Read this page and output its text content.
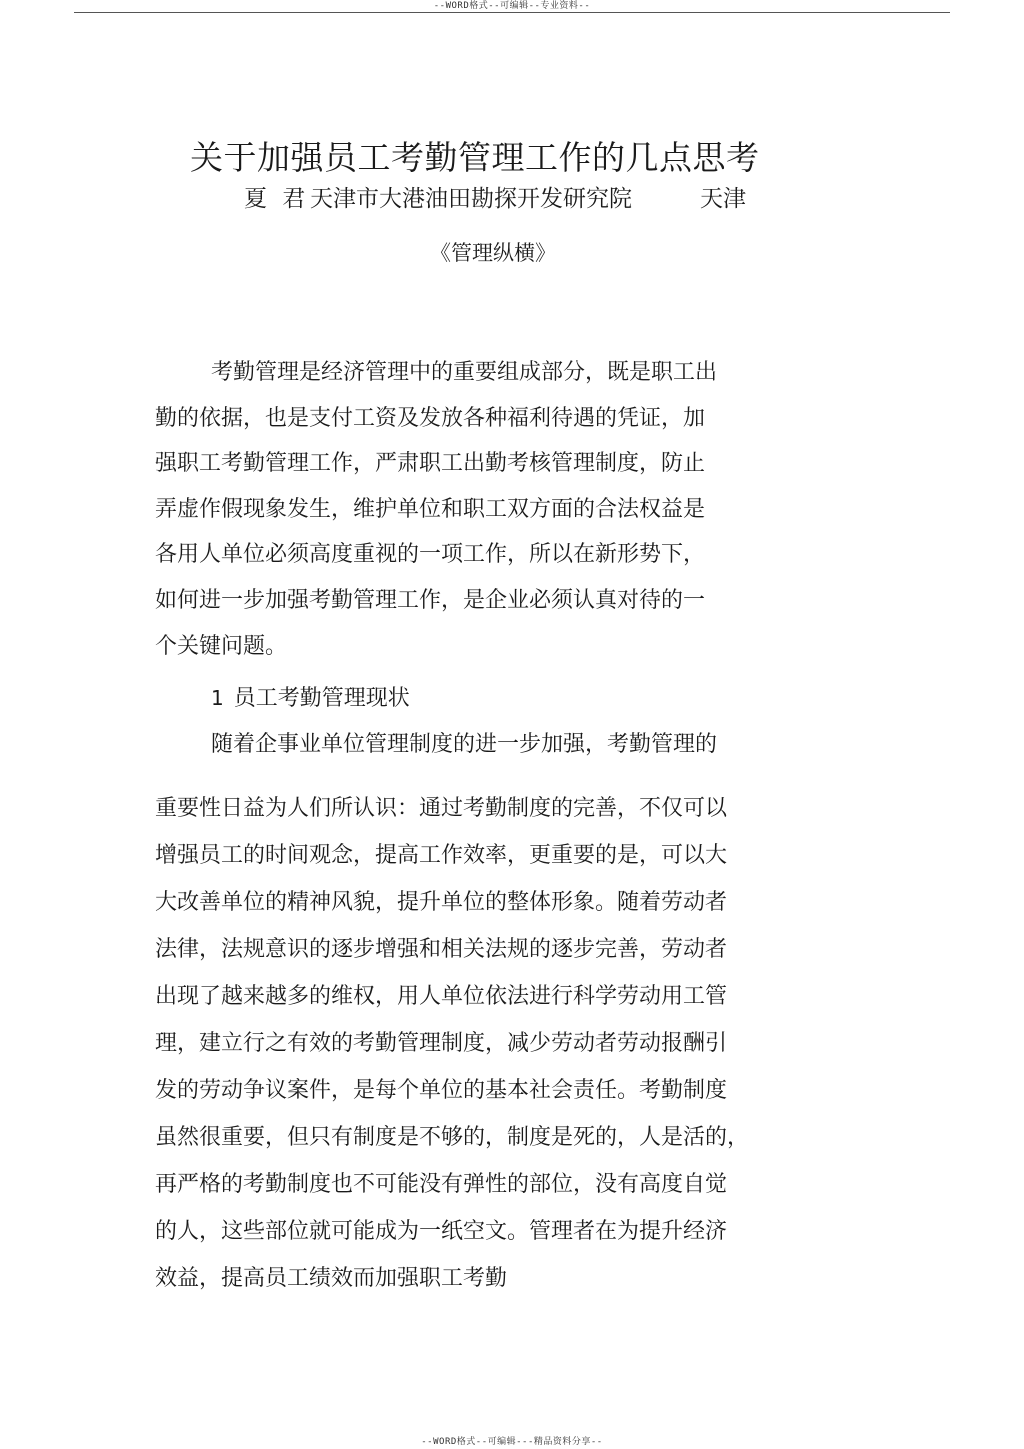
--WORD格式--可编辑--专业资料--
关于加强员工考勤管理工作的几点思考
夏 君天津市大港油田勘探开发研究院	天津
《管理纵横》
考勤管理是经济管理中的重要组成部分，既是职工出
勤的依据，也是支付工资及发放各种福利待遇的凭证，加
强职工考勤管理工作，严肃职工出勤考核管理制度，防止
弄虚作假现象发生，维护单位和职工双方面的合法权益是
各用人单位必须高度重视的一项工作，所以在新形势下，
如何进一步加强考勤管理工作，是企业必须认真对待的一
个关键问题。
1 员工考勤管理现状
随着企事业单位管理制度的进一步加强，考勤管理的
重要性日益为人们所认识：通过考勤制度的完善，不仅可以
增强员工的时间观念，提高工作效率，更重要的是，可以大
大改善单位的精神风貌，提升单位的整体形象。随着劳动者
法律，法规意识的逐步增强和相关法规的逐步完善，劳动者
出现了越来越多的维权，用人单位依法进行科学劳动用工管
理，建立行之有效的考勤管理制度，减少劳动者劳动报酬引
发的劳动争议案件，是每个单位的基本社会责任。考勤制度
虽然很重要，但只有制度是不够的，制度是死的，人是活的，
再严格的考勤制度也不可能没有弹性的部位，没有高度自觉
的人，这些部位就可能成为一纸空文。管理者在为提升经济
效益，提高员工绩效而加强职工考勤
--WORD格式--可编辑---精品资料分享--
